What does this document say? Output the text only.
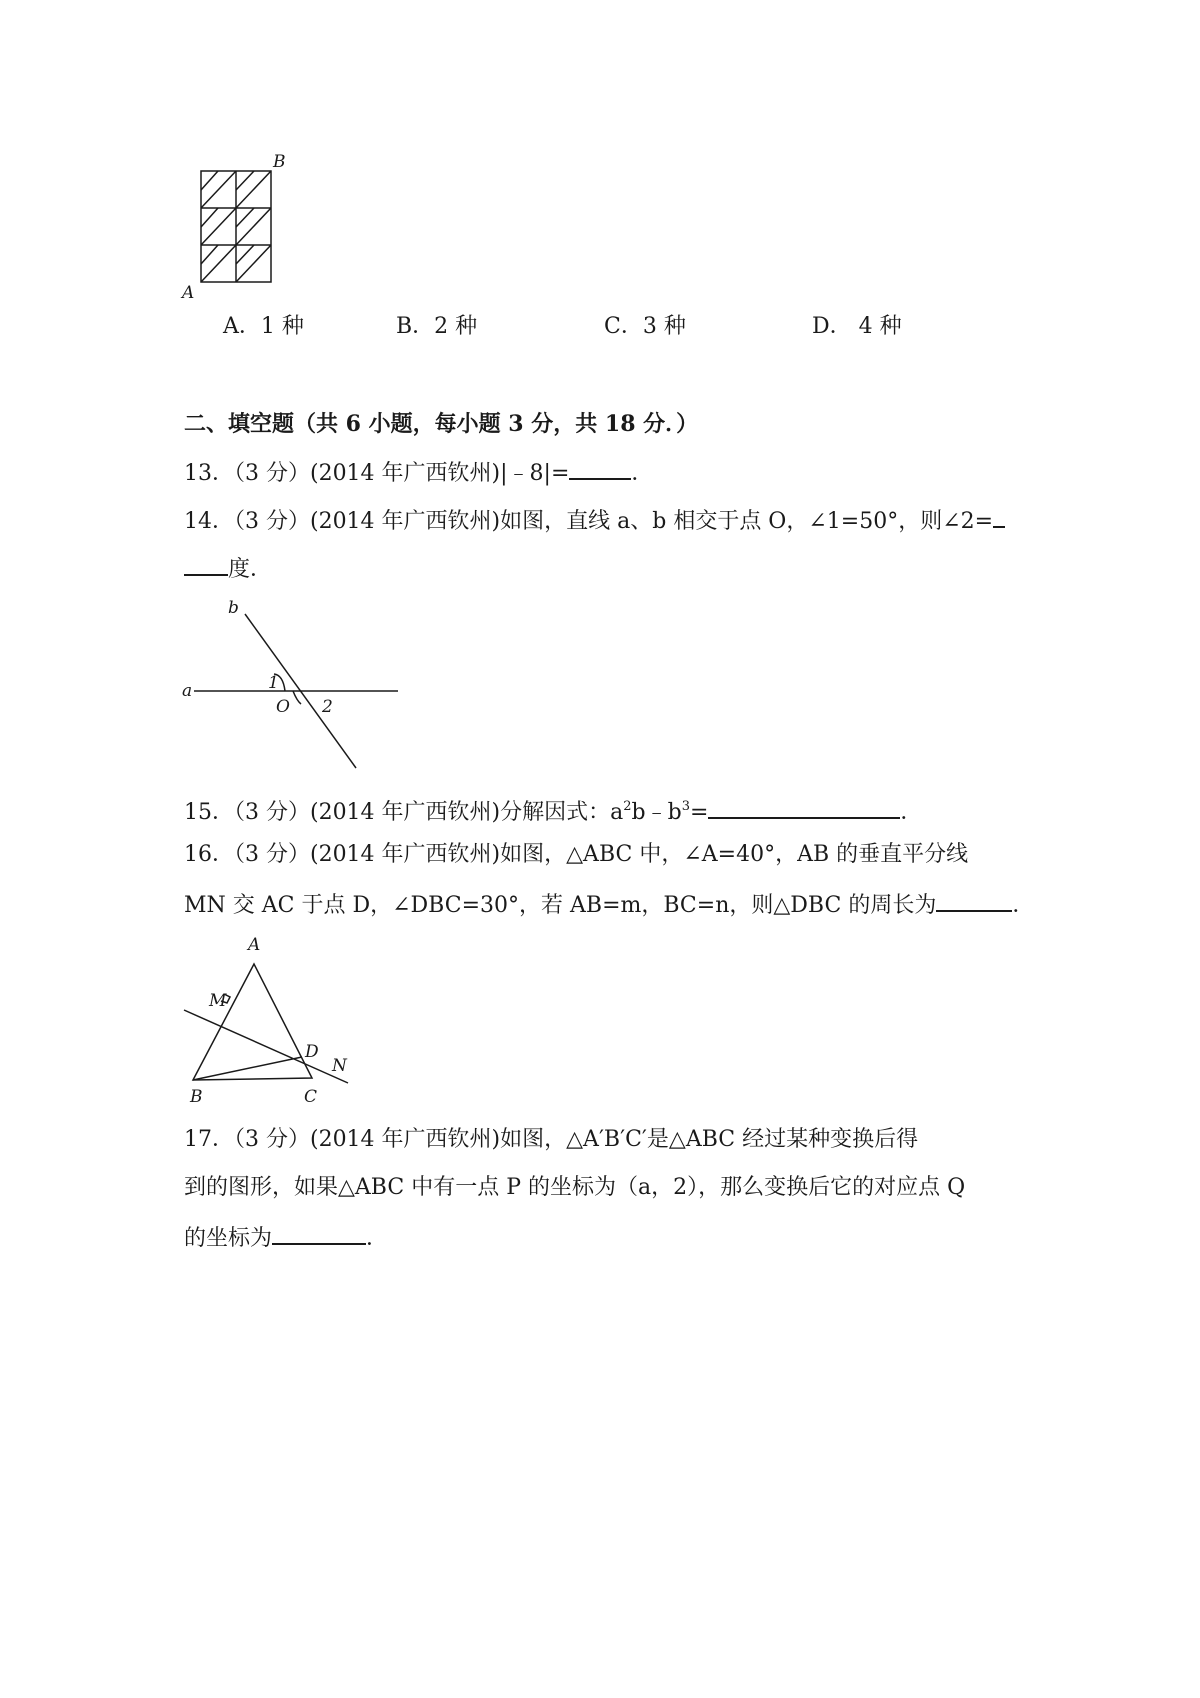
B
A
A．1 种	B．2 种	C．3 种	D． 4 种
二、填空题（共 6 小题，每小题 3 分，共 18 分．）
13．（3 分）(2014 年广西钦州)|﹣8|=	．
14．（3 分）(2014 年广西钦州)如图，直线 a、b 相交于点 O，∠1=50°，则∠2=
度．
b
a	1
O 2
15．（3 分）(2014 年广西钦州)分解因式：$a^2b﹣b^3=$	．
16．（3 分）(2014 年广西钦州)如图，△ABC 中，∠A=40°，AB 的垂直平分线
MN 交 AC 于点 D，∠DBC=30°，若 AB=m，BC=n，则△DBC 的周长为	．
A
M
D
N
B	C
17．（3 分）(2014 年广西钦州)如图，△A′B′C′是△ABC 经过某种变换后得
到的图形，如果△ABC 中有一点 P 的坐标为（a，2），那么变换后它的对应点 Q
的坐标为	．
